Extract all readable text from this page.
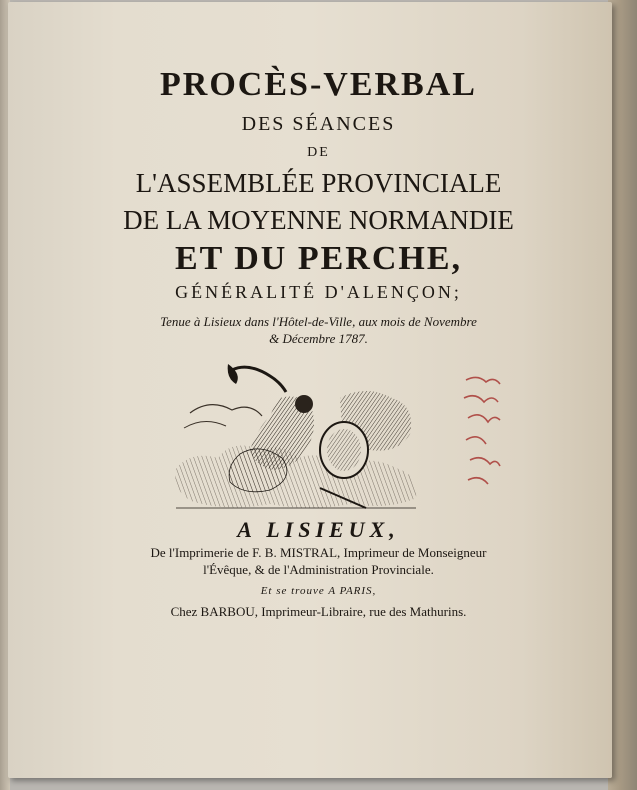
PROCÈS-VERBAL
DES SÉANCES
DE
L'ASSEMBLÉE PROVINCIALE
DE LA MOYENNE NORMANDIE
ET DU PERCHE,
GÉNÉRALITÉ D'ALENÇON;
Tenue à Lisieux dans l'Hôtel-de-Ville, aux mois de Novembre
& Décembre 1787.
A LISIEUX,
De l'Imprimerie de F. B. MISTRAL, Imprimeur de Monseigneur
l'Évêque, & de l'Administration Provinciale.
Et se trouve A PARIS,
Chez BARBOU, Imprimeur-Libraire, rue des Mathurins.
